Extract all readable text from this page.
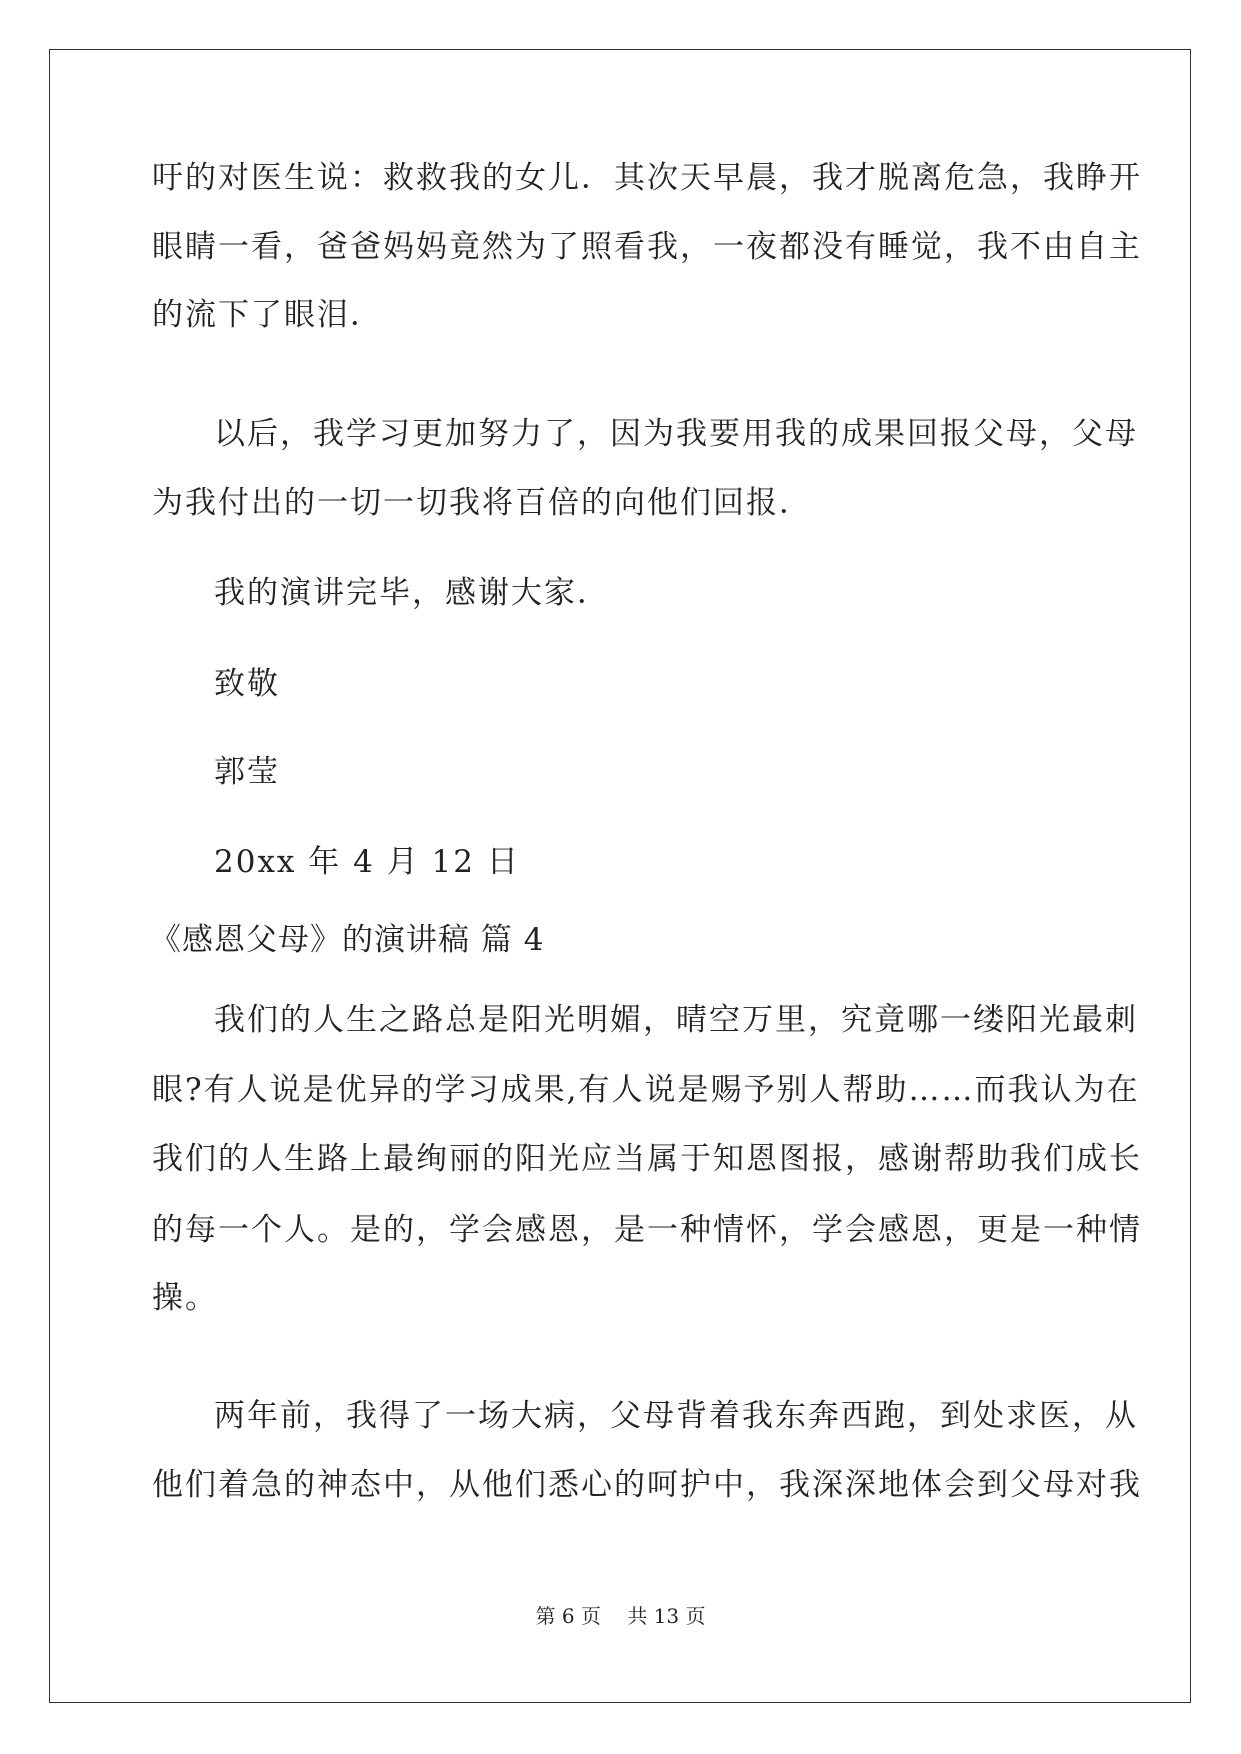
吁的对医生说：救救我的女儿．其次天早晨，我才脱离危急，我睁开
眼睛一看，爸爸妈妈竟然为了照看我，一夜都没有睡觉，我不由自主
的流下了眼泪．
以后，我学习更加努力了，因为我要用我的成果回报父母，父母
为我付出的一切一切我将百倍的向他们回报．
我的演讲完毕，感谢大家．
致敬
郭莹
20xx 年 4 月 12 日
《感恩父母》的演讲稿 篇 4
我们的人生之路总是阳光明媚，晴空万里，究竟哪一缕阳光最刺
眼?有人说是优异的学习成果,有人说是赐予别人帮助……而我认为在
我们的人生路上最绚丽的阳光应当属于知恩图报，感谢帮助我们成长
的每一个人。是的，学会感恩，是一种情怀，学会感恩，更是一种情
操。
两年前，我得了一场大病，父母背着我东奔西跑，到处求医，从
他们着急的神态中，从他们悉心的呵护中，我深深地体会到父母对我
第 6 页 共 13 页
